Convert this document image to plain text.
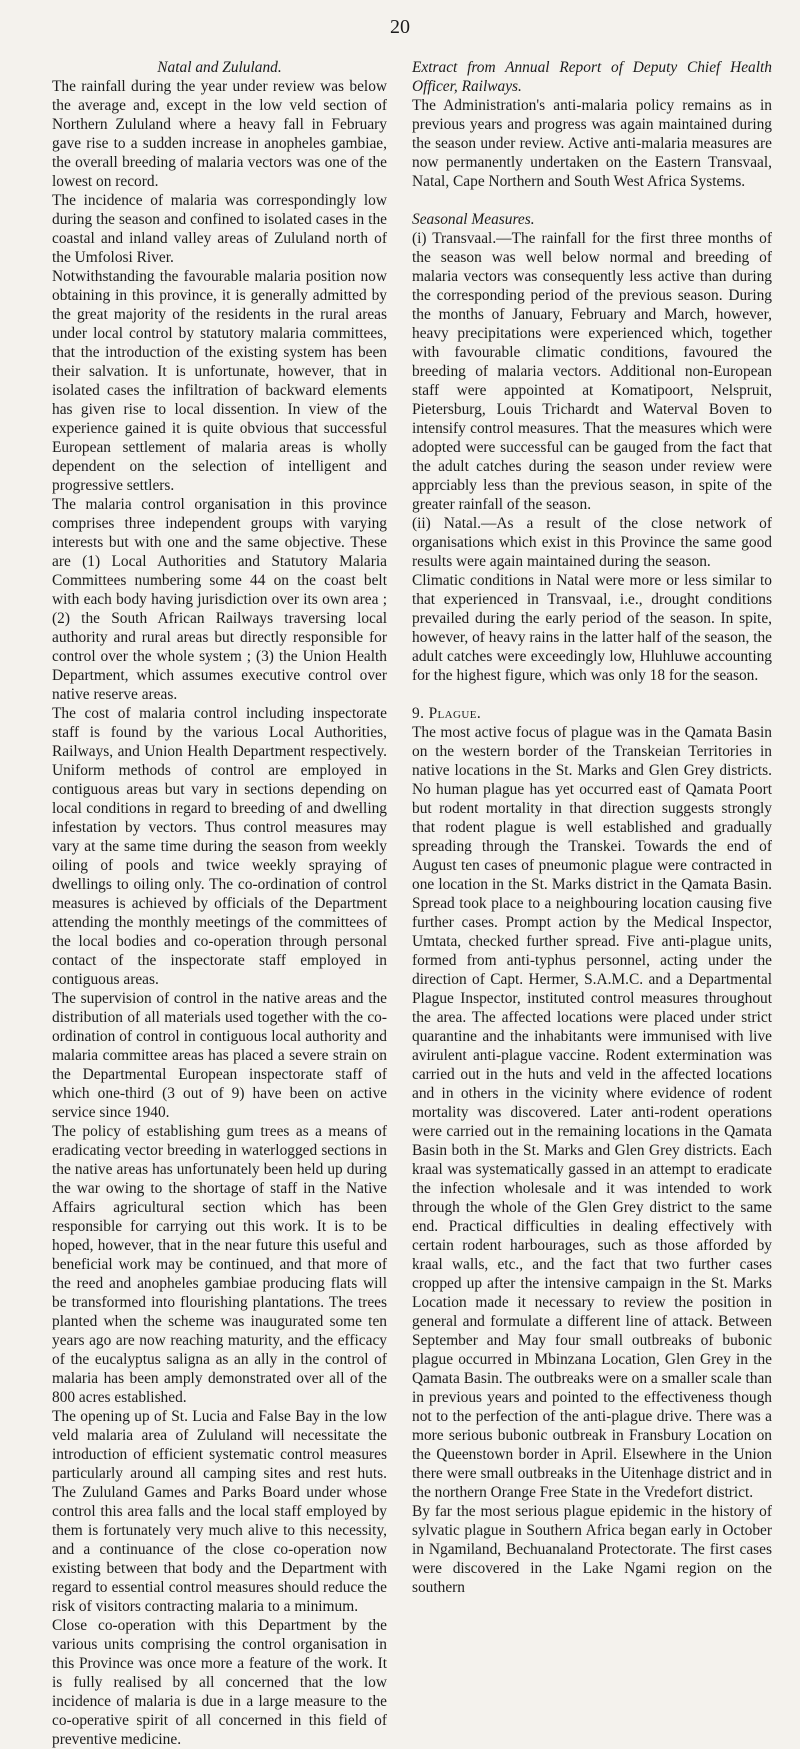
20
Natal and Zululand.

The rainfall during the year under review was below the average and, except in the low veld section of Northern Zululand where a heavy fall in February gave rise to a sudden increase in anopheles gambiae, the overall breeding of malaria vectors was one of the lowest on record.

The incidence of malaria was correspondingly low during the season and confined to isolated cases in the coastal and inland valley areas of Zululand north of the Umfolosi River.

Notwithstanding the favourable malaria position now obtaining in this province, it is generally admitted by the great majority of the residents in the rural areas under local control by statutory malaria committees, that the introduction of the existing system has been their salvation. It is unfortunate, however, that in isolated cases the infiltration of backward elements has given rise to local dissention. In view of the experience gained it is quite obvious that successful European settlement of malaria areas is wholly dependent on the selection of intelligent and progressive settlers.

The malaria control organisation in this province comprises three independent groups with varying interests but with one and the same objective. These are (1) Local Authorities and Statutory Malaria Committees numbering some 44 on the coast belt with each body having jurisdiction over its own area ; (2) the South African Railways traversing local authority and rural areas but directly responsible for control over the whole system ; (3) the Union Health Department, which assumes executive control over native reserve areas.

The cost of malaria control including inspectorate staff is found by the various Local Authorities, Railways, and Union Health Department respectively. Uniform methods of control are employed in contiguous areas but vary in sections depending on local conditions in regard to breeding of and dwelling infestation by vectors. Thus control measures may vary at the same time during the season from weekly oiling of pools and twice weekly spraying of dwellings to oiling only. The co-ordination of control measures is achieved by officials of the Department attending the monthly meetings of the committees of the local bodies and co-operation through personal contact of the inspectorate staff employed in contiguous areas.

The supervision of control in the native areas and the distribution of all materials used together with the co-ordination of control in contiguous local authority and malaria committee areas has placed a severe strain on the Departmental European inspectorate staff of which one-third (3 out of 9) have been on active service since 1940.

The policy of establishing gum trees as a means of eradicating vector breeding in waterlogged sections in the native areas has unfortunately been held up during the war owing to the shortage of staff in the Native Affairs agricultural section which has been responsible for carrying out this work. It is to be hoped, however, that in the near future this useful and beneficial work may be continued, and that more of the reed and anopheles gambiae producing flats will be transformed into flourishing plantations. The trees planted when the scheme was inaugurated some ten years ago are now reaching maturity, and the efficacy of the eucalyptus saligna as an ally in the control of malaria has been amply demonstrated over all of the 800 acres established.

The opening up of St. Lucia and False Bay in the low veld malaria area of Zululand will necessitate the introduction of efficient systematic control measures particularly around all camping sites and rest huts. The Zululand Games and Parks Board under whose control this area falls and the local staff employed by them is fortunately very much alive to this necessity, and a continuance of the close co-operation now existing between that body and the Department with regard to essential control measures should reduce the risk of visitors contracting malaria to a minimum.

Close co-operation with this Department by the various units comprising the control organisation in this Province was once more a feature of the work. It is fully realised by all concerned that the low incidence of malaria is due in a large measure to the co-operative spirit of all concerned in this field of preventive medicine.

Extract from Annual Report of Deputy Chief Health Officer, Railways.

The Administration's anti-malaria policy remains as in previous years and progress was again maintained during the season under review. Active anti-malaria measures are now permanently undertaken on the Eastern Transvaal, Natal, Cape Northern and South West Africa Systems.

Seasonal Measures.

(i) Transvaal.—The rainfall for the first three months of the season was well below normal and breeding of malaria vectors was consequently less active than during the corresponding period of the previous season. During the months of January, February and March, however, heavy precipitations were experienced which, together with favourable climatic conditions, favoured the breeding of malaria vectors. Additional non-European staff were appointed at Komatipoort, Nelspruit, Pietersburg, Louis Trichardt and Waterval Boven to intensify control measures. That the measures which were adopted were successful can be gauged from the fact that the adult catches during the season under review were apprciably less than the previous season, in spite of the greater rainfall of the season.

(ii) Natal.—As a result of the close network of organisations which exist in this Province the same good results were again maintained during the season.

Climatic conditions in Natal were more or less similar to that experienced in Transvaal, i.e., drought conditions prevailed during the early period of the season. In spite, however, of heavy rains in the latter half of the season, the adult catches were exceedingly low, Hluhluwe accounting for the highest figure, which was only 18 for the season.

9. Plague.

The most active focus of plague was in the Qamata Basin on the western border of the Transkeian Territories in native locations in the St. Marks and Glen Grey districts. No human plague has yet occurred east of Qamata Poort but rodent mortality in that direction suggests strongly that rodent plague is well established and gradually spreading through the Transkei. Towards the end of August ten cases of pneumonic plague were contracted in one location in the St. Marks district in the Qamata Basin. Spread took place to a neighbouring location causing five further cases. Prompt action by the Medical Inspector, Umtata, checked further spread. Five anti-plague units, formed from anti-typhus personnel, acting under the direction of Capt. Hermer, S.A.M.C. and a Departmental Plague Inspector, instituted control measures throughout the area. The affected locations were placed under strict quarantine and the inhabitants were immunised with live avirulent anti-plague vaccine. Rodent extermination was carried out in the huts and veld in the affected locations and in others in the vicinity where evidence of rodent mortality was discovered. Later anti-rodent operations were carried out in the remaining locations in the Qamata Basin both in the St. Marks and Glen Grey districts. Each kraal was systematically gassed in an attempt to eradicate the infection wholesale and it was intended to work through the whole of the Glen Grey district to the same end. Practical difficulties in dealing effectively with certain rodent harbourages, such as those afforded by kraal walls, etc., and the fact that two further cases cropped up after the intensive campaign in the St. Marks Location made it necessary to review the position in general and formulate a different line of attack. Between September and May four small outbreaks of bubonic plague occurred in Mbinzana Location, Glen Grey in the Qamata Basin. The outbreaks were on a smaller scale than in previous years and pointed to the effectiveness though not to the perfection of the anti-plague drive. There was a more serious bubonic outbreak in Fransbury Location on the Queenstown border in April. Elsewhere in the Union there were small outbreaks in the Uitenhage district and in the northern Orange Free State in the Vredefort district.

By far the most serious plague epidemic in the history of sylvatic plague in Southern Africa began early in October in Ngamiland, Bechuanaland Protectorate. The first cases were discovered in the Lake Ngami region on the southern
